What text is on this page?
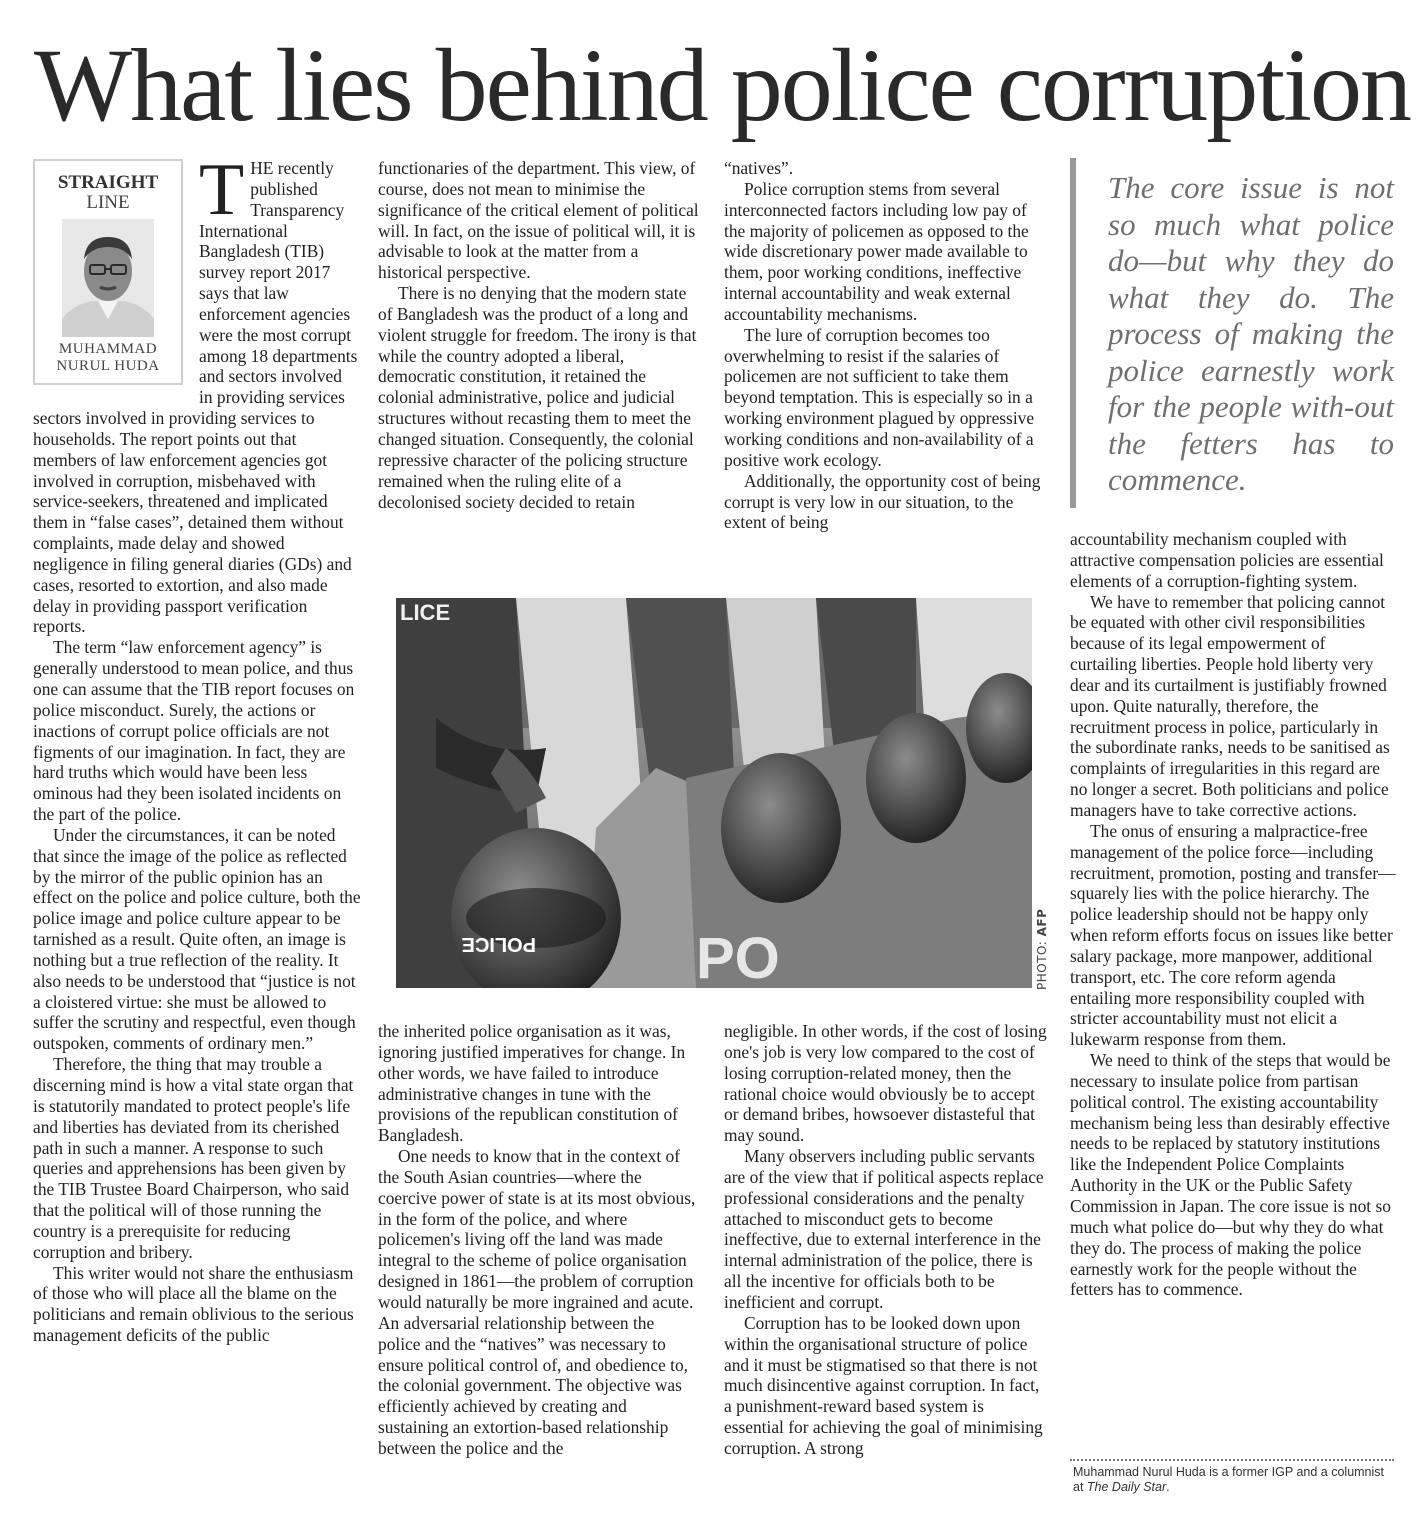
What lies behind police corruption
STRAIGHT
LINE
MUHAMMAD
NURUL HUDA
T HE recently published Transparency International Bangladesh (TIB) survey report 2017 says that law enforcement agencies were the most corrupt among 18 departments and sectors involved in providing services

sectors involved in providing services to households. The report points out that members of law enforcement agencies got involved in corruption, misbehaved with service-seekers, threatened and implicated them in “false cases”, detained them without complaints, made delay and showed negligence in filing general diaries (GDs) and cases, resorted to extortion, and also made delay in providing passport verification reports.

The term “law enforcement agency” is generally understood to mean police, and thus one can assume that the TIB report focuses on police misconduct. Surely, the actions or inactions of corrupt police officials are not figments of our imagination. In fact, they are hard truths which would have been less ominous had they been isolated incidents on the part of the police.

Under the circumstances, it can be noted that since the image of the police as reflected by the mirror of the public opinion has an effect on the police and police culture, both the police image and police culture appear to be tarnished as a result. Quite often, an image is nothing but a true reflection of the reality. It also needs to be understood that “justice is not a cloistered virtue: she must be allowed to suffer the scrutiny and respectful, even though outspoken, comments of ordinary men.”

Therefore, the thing that may trouble a discerning mind is how a vital state organ that is statutorily mandated to protect people's life and liberties has deviated from its cherished path in such a manner. A response to such queries and apprehensions has been given by the TIB Trustee Board Chairperson, who said that the political will of those running the country is a prerequisite for reducing corruption and bribery.

This writer would not share the enthusiasm of those who will place all the blame on the politicians and remain oblivious to the serious management deficits of the public

functionaries of the department. This view, of course, does not mean to minimise the significance of the critical element of political will. In fact, on the issue of political will, it is advisable to look at the matter from a historical perspective.

There is no denying that the modern state of Bangladesh was the product of a long and violent struggle for freedom. The irony is that while the country adopted a liberal, democratic constitution, it retained the colonial administrative, police and judicial structures without recasting them to meet the changed situation. Consequently, the colonial repressive character of the policing structure remained when the ruling elite of a decolonised society decided to retain

“natives”.

Police corruption stems from several interconnected factors including low pay of the majority of policemen as opposed to the wide discretionary power made available to them, poor working conditions, ineffective internal accountability and weak external accountability mechanisms.

The lure of corruption becomes too overwhelming to resist if the salaries of policemen are not sufficient to take them beyond temptation. This is especially so in a working environment plagued by oppressive working conditions and non-availability of a positive work ecology.

Additionally, the opportunity cost of being corrupt is very low in our situation, to the extent of being

The core issue is not so much what police do—but why they do what they do. The process of making the police earnestly work for the people with-out the fetters has to commence.

POLICE	PO
LICE
PHOTO: AFP

the inherited police organisation as it was, ignoring justified imperatives for change. In other words, we have failed to introduce administrative changes in tune with the provisions of the republican constitution of Bangladesh.

One needs to know that in the context of the South Asian countries—where the coercive power of state is at its most obvious, in the form of the police, and where policemen's living off the land was made integral to the scheme of police organisation designed in 1861—the problem of corruption would naturally be more ingrained and acute. An adversarial relationship between the police and the “natives” was necessary to ensure political control of, and obedience to, the colonial government. The objective was efficiently achieved by creating and sustaining an extortion-based relationship between the police and the

negligible. In other words, if the cost of losing one's job is very low compared to the cost of losing corruption-related money, then the rational choice would obviously be to accept or demand bribes, howsoever distasteful that may sound.

Many observers including public servants are of the view that if political aspects replace professional considerations and the penalty attached to misconduct gets to become ineffective, due to external interference in the internal administration of the police, there is all the incentive for officials both to be inefficient and corrupt.

Corruption has to be looked down upon within the organisational structure of police and it must be stigmatised so that there is not much disincentive against corruption. In fact, a punishment-reward based system is essential for achieving the goal of minimising corruption. A strong

accountability mechanism coupled with attractive compensation policies are essential elements of a corruption-fighting system.

We have to remember that policing cannot be equated with other civil responsibilities because of its legal empowerment of curtailing liberties. People hold liberty very dear and its curtailment is justifiably frowned upon. Quite naturally, therefore, the recruitment process in police, particularly in the subordinate ranks, needs to be sanitised as complaints of irregularities in this regard are no longer a secret. Both politicians and police managers have to take corrective actions.

The onus of ensuring a malpractice-free management of the police force—including recruitment, promotion, posting and transfer—squarely lies with the police hierarchy. The police leadership should not be happy only when reform efforts focus on issues like better salary package, more manpower, additional transport, etc. The core reform agenda entailing more responsibility coupled with stricter accountability must not elicit a lukewarm response from them.

We need to think of the steps that would be necessary to insulate police from partisan political control. The existing accountability mechanism being less than desirably effective needs to be replaced by statutory institutions like the Independent Police Complaints Authority in the UK or the Public Safety Commission in Japan. The core issue is not so much what police do—but why they do what they do. The process of making the police earnestly work for the people without the fetters has to commence.

Muhammad Nurul Huda is a former IGP and a columnist at The Daily Star.
